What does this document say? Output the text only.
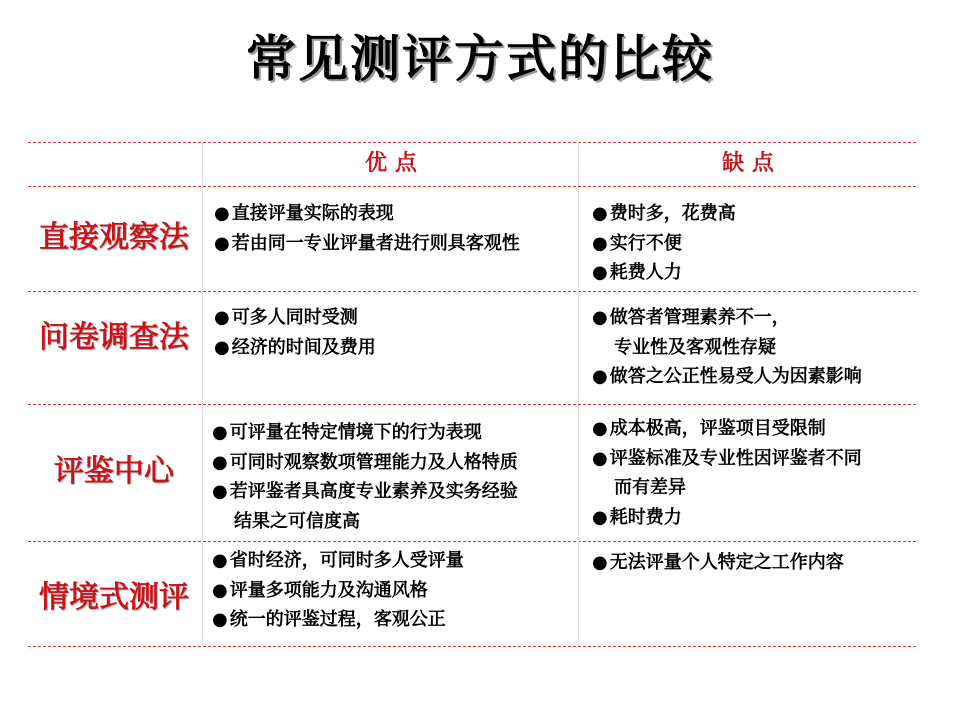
常见测评方式的比较
优 点	缺 点
直接观察法
● 直接评量实际的表现
● 若由同一专业评量者进行则具客观性
● 费时多，花费高
● 实行不便
● 耗费人力
问卷调查法
● 可多人同时受测
● 经济的时间及费用
● 做答者管理素养不一，
专业性及客观性存疑
● 做答之公正性易受人为因素影响
评鉴中心
● 可评量在特定情境下的行为表现
● 可同时观察数项管理能力及人格特质
● 若评鉴者具高度专业素养及实务经验
结果之可信度高
● 成本极高，评鉴项目受限制
● 评鉴标准及专业性因评鉴者不同
而有差异
● 耗时费力
情境式测评
● 省时经济，可同时多人受评量
● 评量多项能力及沟通风格
● 统一的评鉴过程，客观公正
● 无法评量个人特定之工作内容
